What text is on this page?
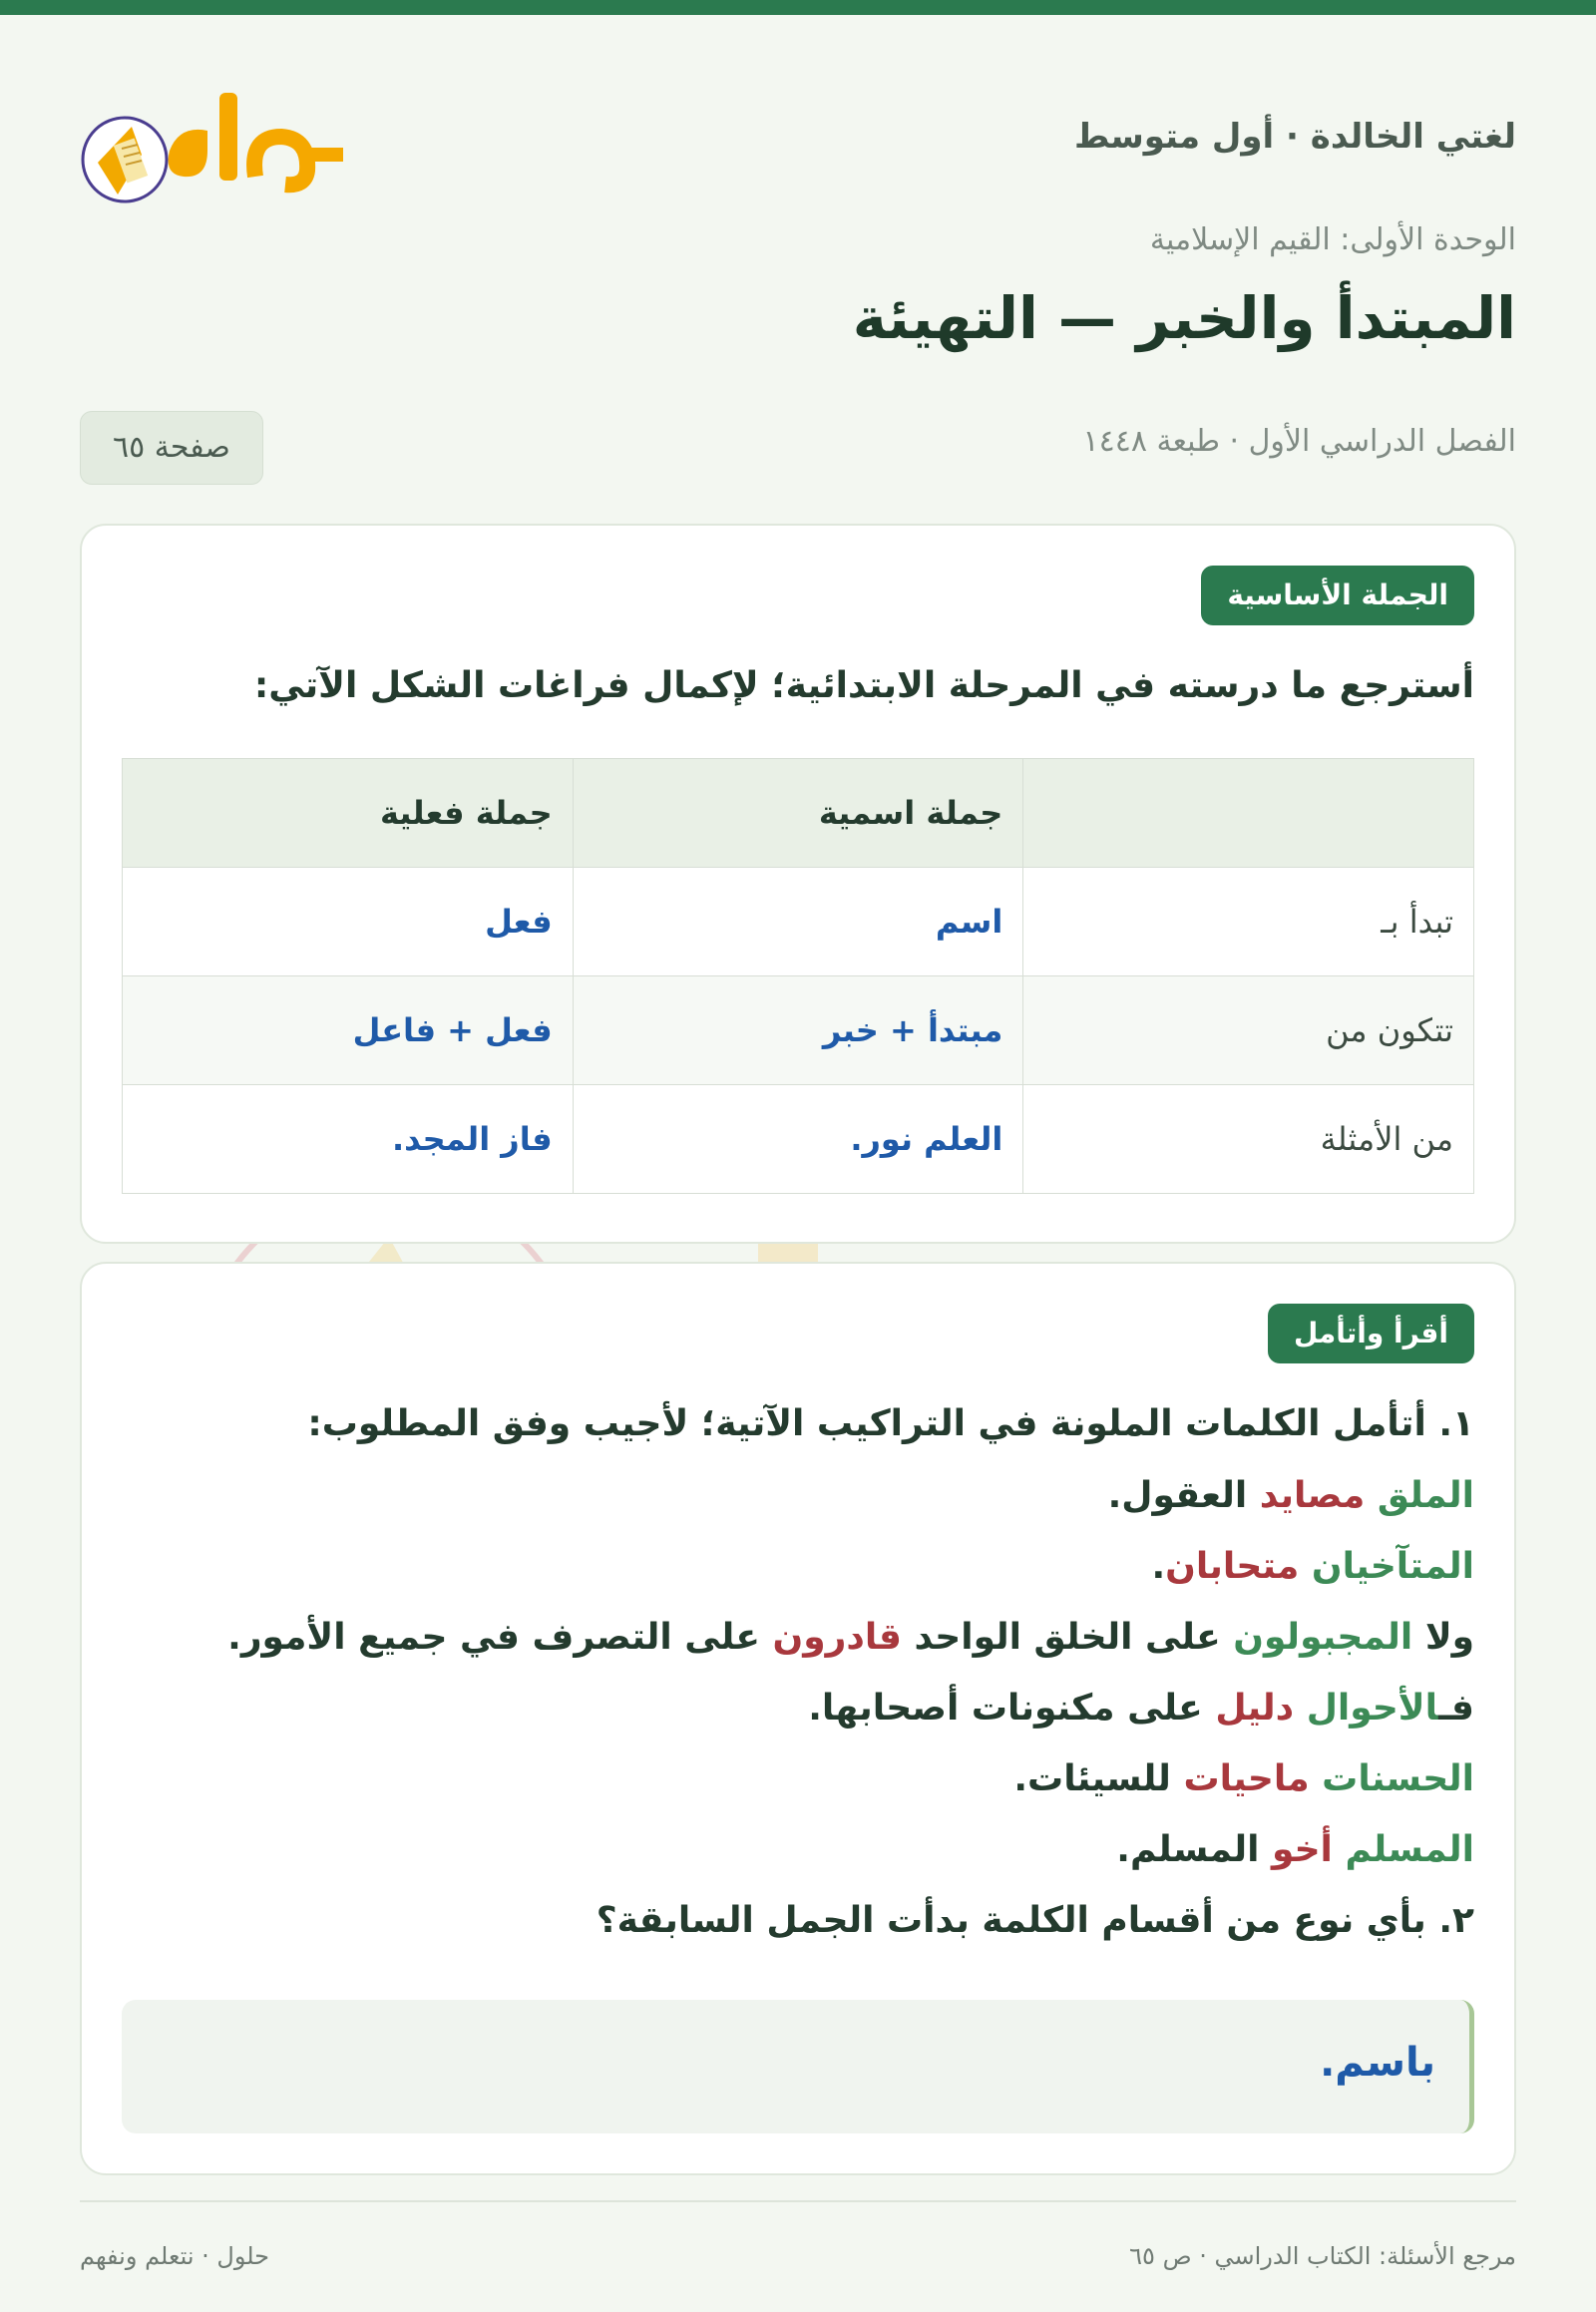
لغتي الخالدة · أول متوسط
الوحدة الأولى: القيم الإسلامية
المبتدأ والخبر — التهيئة
الفصل الدراسي الأول · طبعة ١٤٤٨
صفحة ٦٥
الجملة الأساسية
أسترجع ما درسته في المرحلة الابتدائية؛ لإكمال فراغات الشكل الآتي:
	جملة اسمية	جملة فعلية
تبدأ بـ	اسم	فعل
تتكون من	مبتدأ + خبر	فعل + فاعل
من الأمثلة	العلم نور.	فاز المجد.
أقرأ وأتأمل
١. أتأمل الكلمات الملونة في التراكيب الآتية؛ لأجيب وفق المطلوب:
الملق مصايد العقول.
المتآخيان متحابان.
ولا المجبولون على الخلق الواحد قادرون على التصرف في جميع الأمور.
فـالأحوال دليل على مكنونات أصحابها.
الحسنات ماحيات للسيئات.
المسلم أخو المسلم.
٢. بأي نوع من أقسام الكلمة بدأت الجمل السابقة؟
باسم.
مرجع الأسئلة: الكتاب الدراسي · ص ٦٥
حلول · نتعلم ونفهم
